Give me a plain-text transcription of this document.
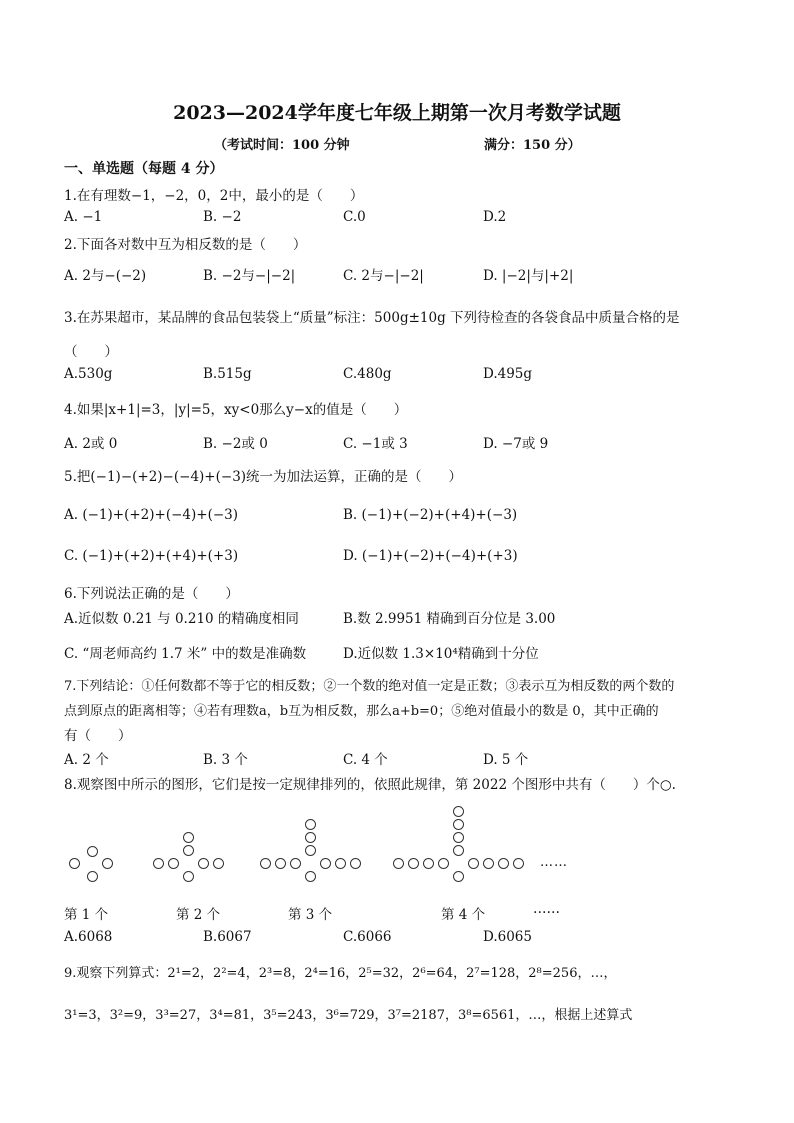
2023—2024学年度七年级上期第一次月考数学试题
（考试时间：100 分钟	满分：150 分）
一、单选题（每题 4 分）
1.在有理数−1，−2，0，2中，最小的是（　　）
A. −1	B. −2	C.0	D.2
2.下面各对数中互为相反数的是（　　）
A. 2与−(−2)	B. −2与−|−2|	C. 2与−|−2|	D. |−2|与|+2|
3.在苏果超市，某品牌的食品包装袋上“质量”标注：500g±10g 下列待检查的各袋食品中质量合格的是
（　　）
A.530g	B.515g	C.480g	D.495g
4.如果|x+1|=3，|y|=5，xy<0那么y−x的值是（　　）
A. 2或 0	B. −2或 0	C. −1或 3	D. −7或 9
5.把(−1)−(+2)−(−4)+(−3)统一为加法运算，正确的是（　　）
A. (−1)+(+2)+(−4)+(−3)	B. (−1)+(−2)+(+4)+(−3)
C. (−1)+(+2)+(+4)+(+3)	D. (−1)+(−2)+(−4)+(+3)
6.下列说法正确的是（　　）
A.近似数 0.21 与 0.210 的精确度相同	B.数 2.9951 精确到百分位是 3.00
C. “周老师高约 1.7 米” 中的数是准确数	D.近似数 1.3×10⁴精确到十分位
7.下列结论：①任何数都不等于它的相反数；②一个数的绝对值一定是正数；③表示互为相反数的两个数的
点到原点的距离相等；④若有理数a，b互为相反数，那么a+b=0；⑤绝对值最小的数是 0，其中正确的
有（　　）
A. 2 个	B. 3 个	C. 4 个	D. 5 个
8.观察图中所示的图形，它们是按一定规律排列的，依照此规律，第 2022 个图形中共有（　　）个○.
……
第 1 个	第 2 个	第 3 个	第 4 个	……
A.6068	B.6067	C.6066	D.6065
9.观察下列算式：2¹=2，2²=4，2³=8，2⁴=16，2⁵=32，2⁶=64，2⁷=128，2⁸=256，…，
3¹=3，3²=9，3³=27，3⁴=81，3⁵=243，3⁶=729，3⁷=2187，3⁸=6561，…，根据上述算式
